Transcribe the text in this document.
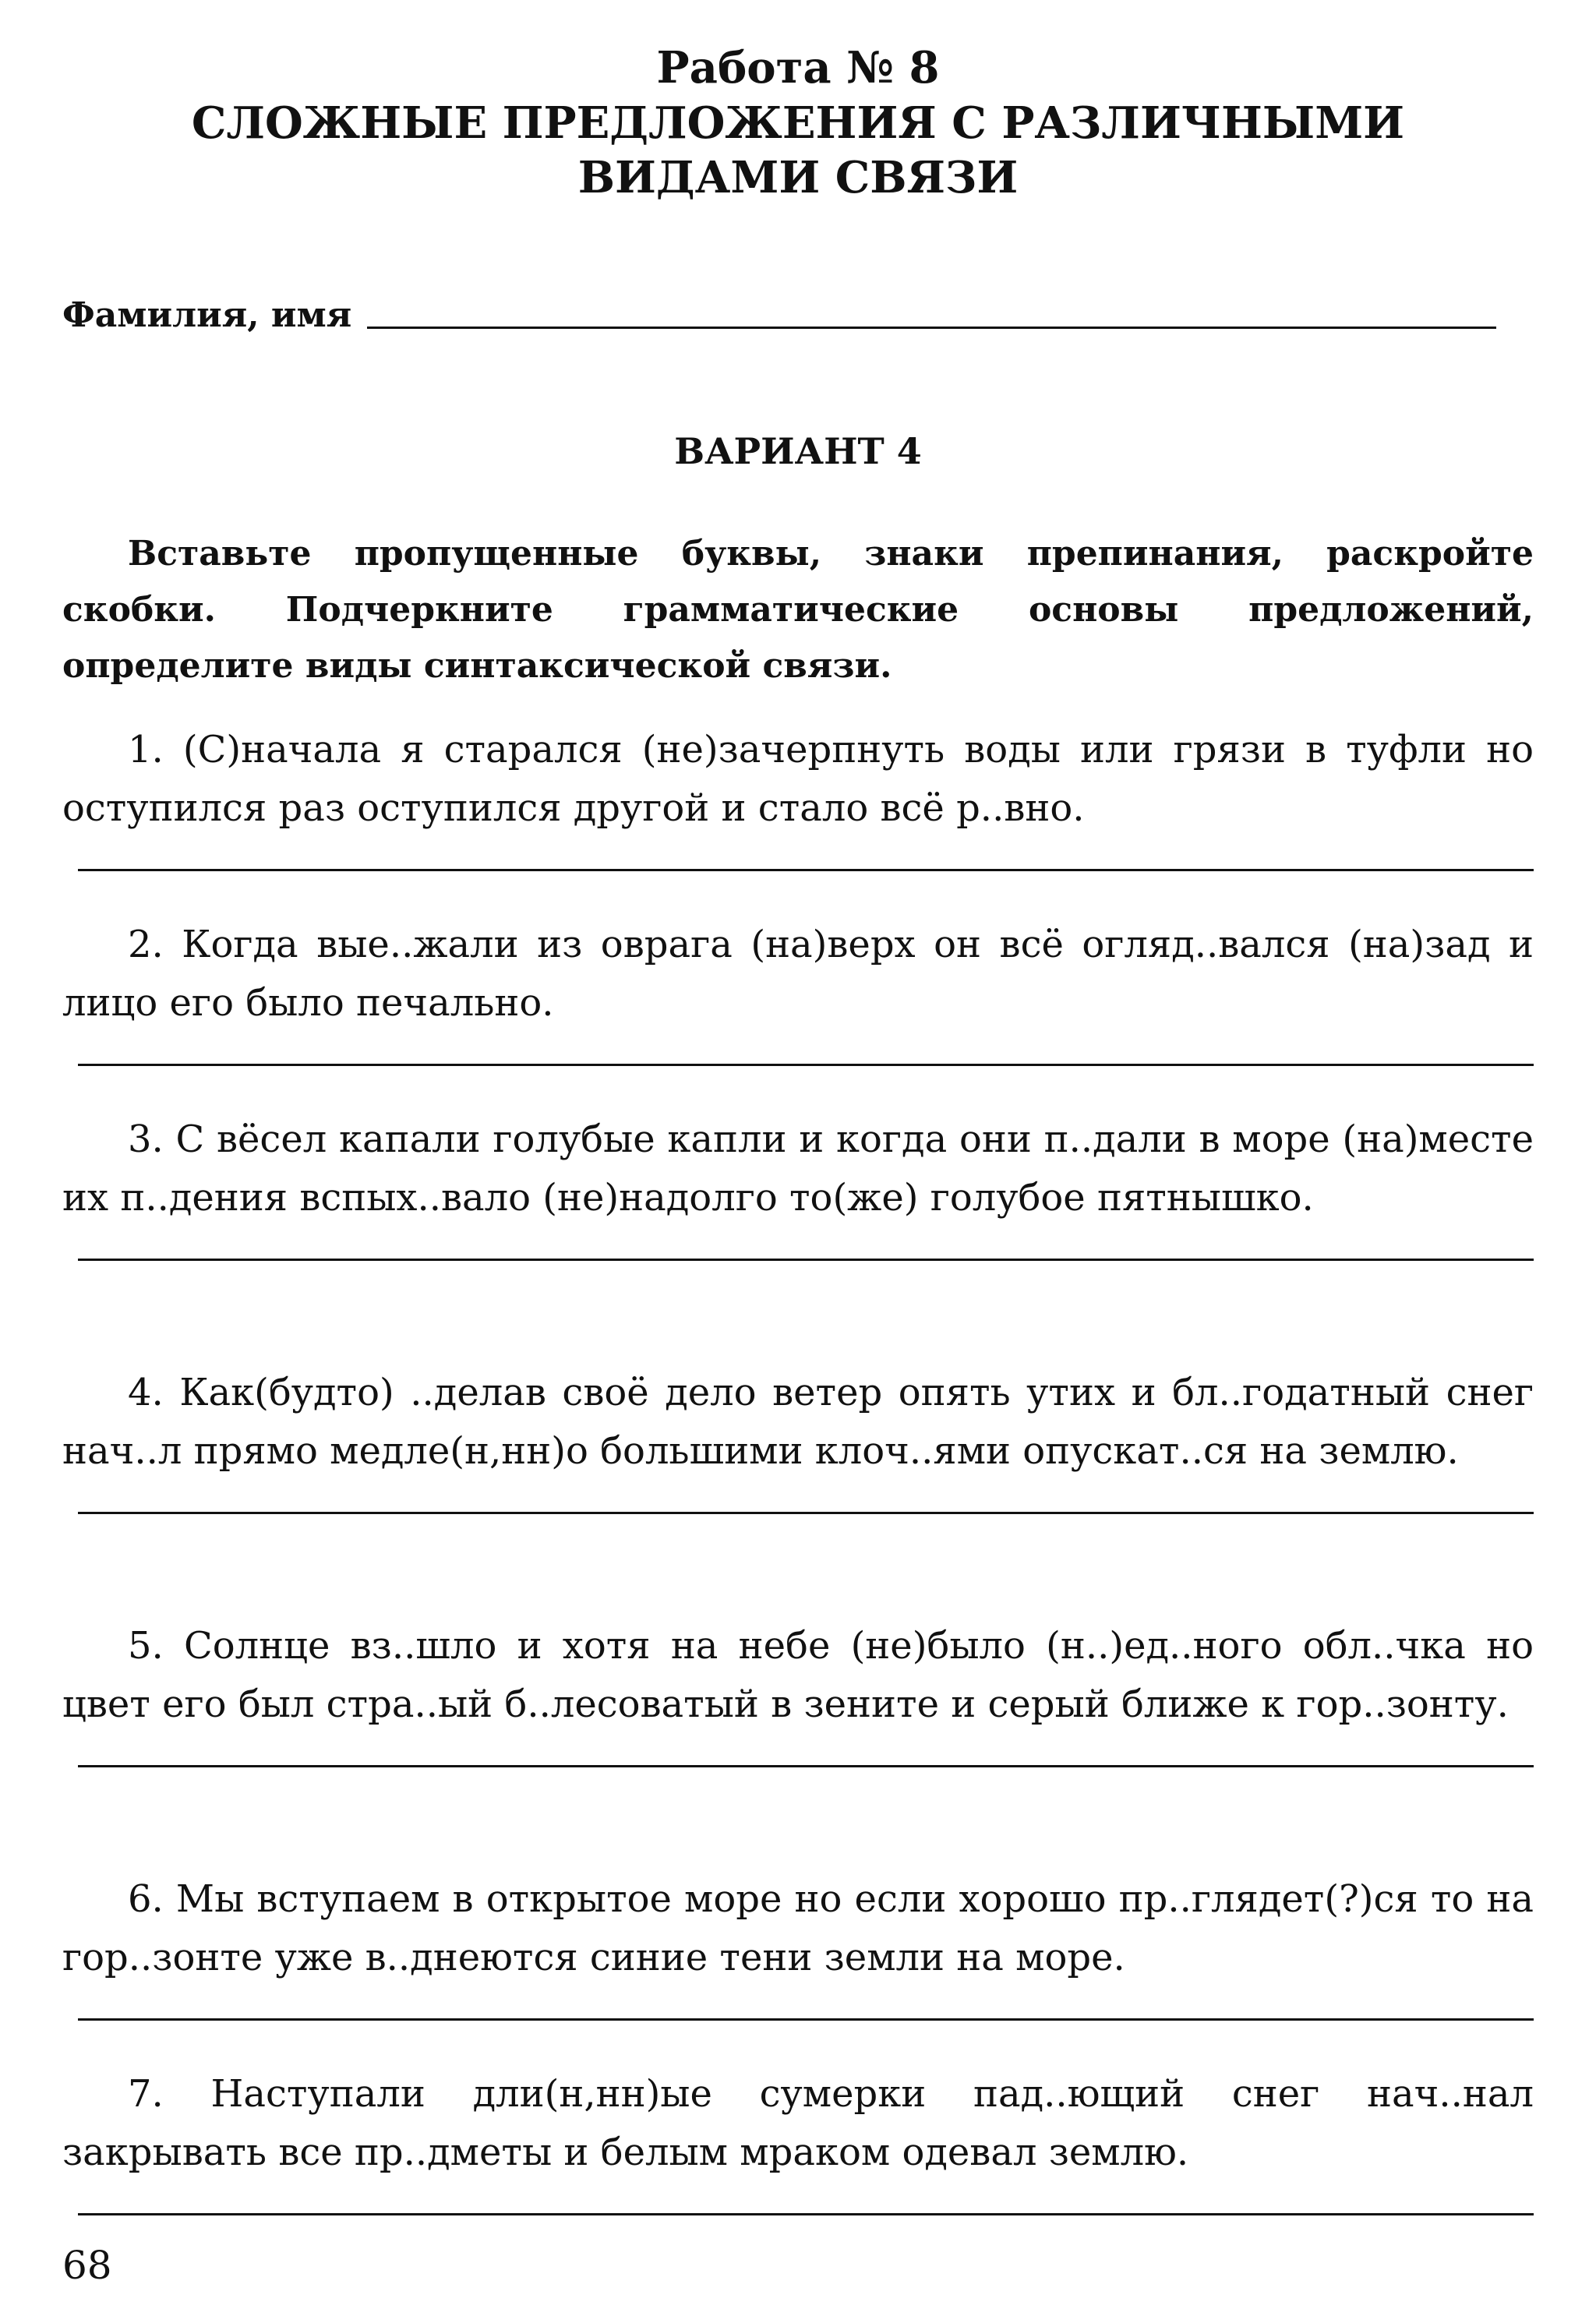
Работа № 8
СЛОЖНЫЕ ПРЕДЛОЖЕНИЯ С РАЗЛИЧНЫМИ
ВИДАМИ СВЯЗИ
Фамилия, имя
ВАРИАНТ 4
Вставьте пропущенные буквы, знаки препинания, раскройте скобки. Подчеркните грамматические основы предложений, определите виды синтаксической связи.
1. (С)начала я старался (не)зачерпнуть воды или грязи в туфли но оступился раз оступился другой и стало всё р..вно.
2. Когда вые..жали из оврага (на)верх он всё огляд..вался (на)зад и лицо его было печально.
3. С вёсел капали голубые капли и когда они п..дали в море (на)месте их п..дения вспых..вало (не)надолго то(же) голубое пятнышко.
4. Как(будто) ..делав своё дело ветер опять утих и бл..годатный снег нач..л прямо медле(н,нн)о большими клоч..ями опускат..ся на землю.
5. Солнце вз..шло и хотя на небе (не)было (н..)ед..ного обл..чка но цвет его был стра..ый б..лесоватый в зените и серый ближе к гор..зонту.
6. Мы вступаем в открытое море но если хорошо пр..глядет(?)ся то на гор..зонте уже в..днеются синие тени земли на море.
7. Наступали дли(н,нн)ые сумерки пад..ющий снег нач..нал закрывать все пр..дметы и белым мраком одевал землю.
68
